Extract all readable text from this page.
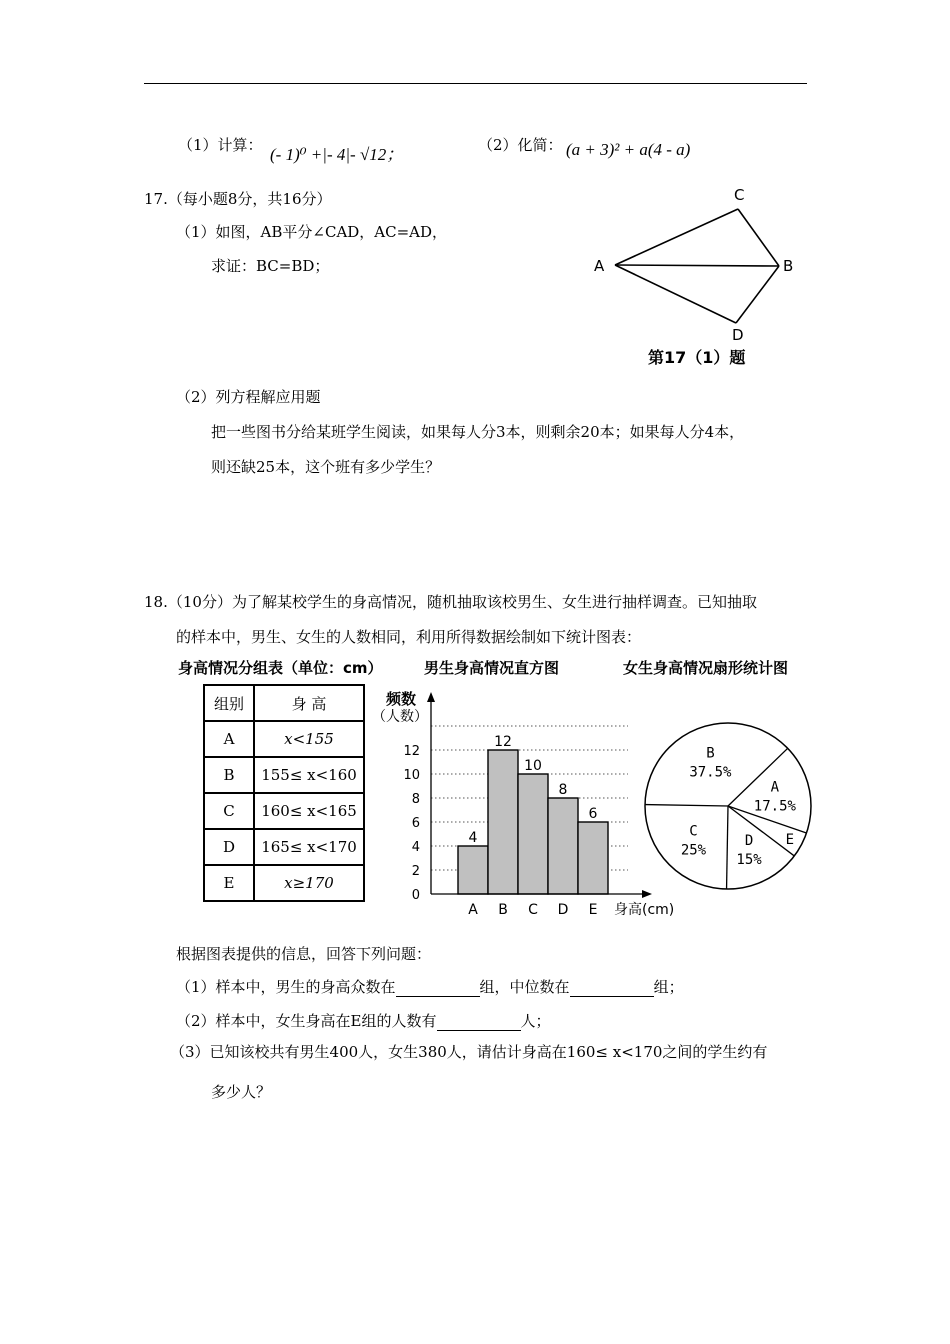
（1）计算： (- 1)⁰ +|- 4|- √12；	（2）化简： (a + 3)² + a(4 - a)
17.（每小题8分，共16分）
（1）如图，AB平分∠CAD，AC=AD，
求证：BC=BD；
C
A	B
D
第17（1）题
（2）列方程解应用题
把一些图书分给某班学生阅读，如果每人分3本，则剩余20本；如果每人分4本，
则还缺25本，这个班有多少学生？
18.（10分）为了解某校学生的身高情况，随机抽取该校男生、女生进行抽样调查。已知抽取
的样本中，男生、女生的人数相同，利用所得数据绘制如下统计图表：
身高情况分组表（单位：cm）	男生身高情况直方图	女生身高情况扇形统计图
组别	身 高
A	x<155
B	155≤ x<160
C	160≤ x<165
D	165≤ x<170
E	x≥170
0
2
4
6
8
10
12
4
A
12
B
10
C
8
D
6
E
频数
（人数）
身高(cm)
A
17.5%
E
D
15%
C
25%
B
37.5%
根据图表提供的信息，回答下列问题：
（1）样本中，男生的身高众数在	组，中位数在	组；
（2）样本中，女生身高在E组的人数有	人；
（3）已知该校共有男生400人，女生380人，请估计身高在160≤ x<170之间的学生约有
多少人？
